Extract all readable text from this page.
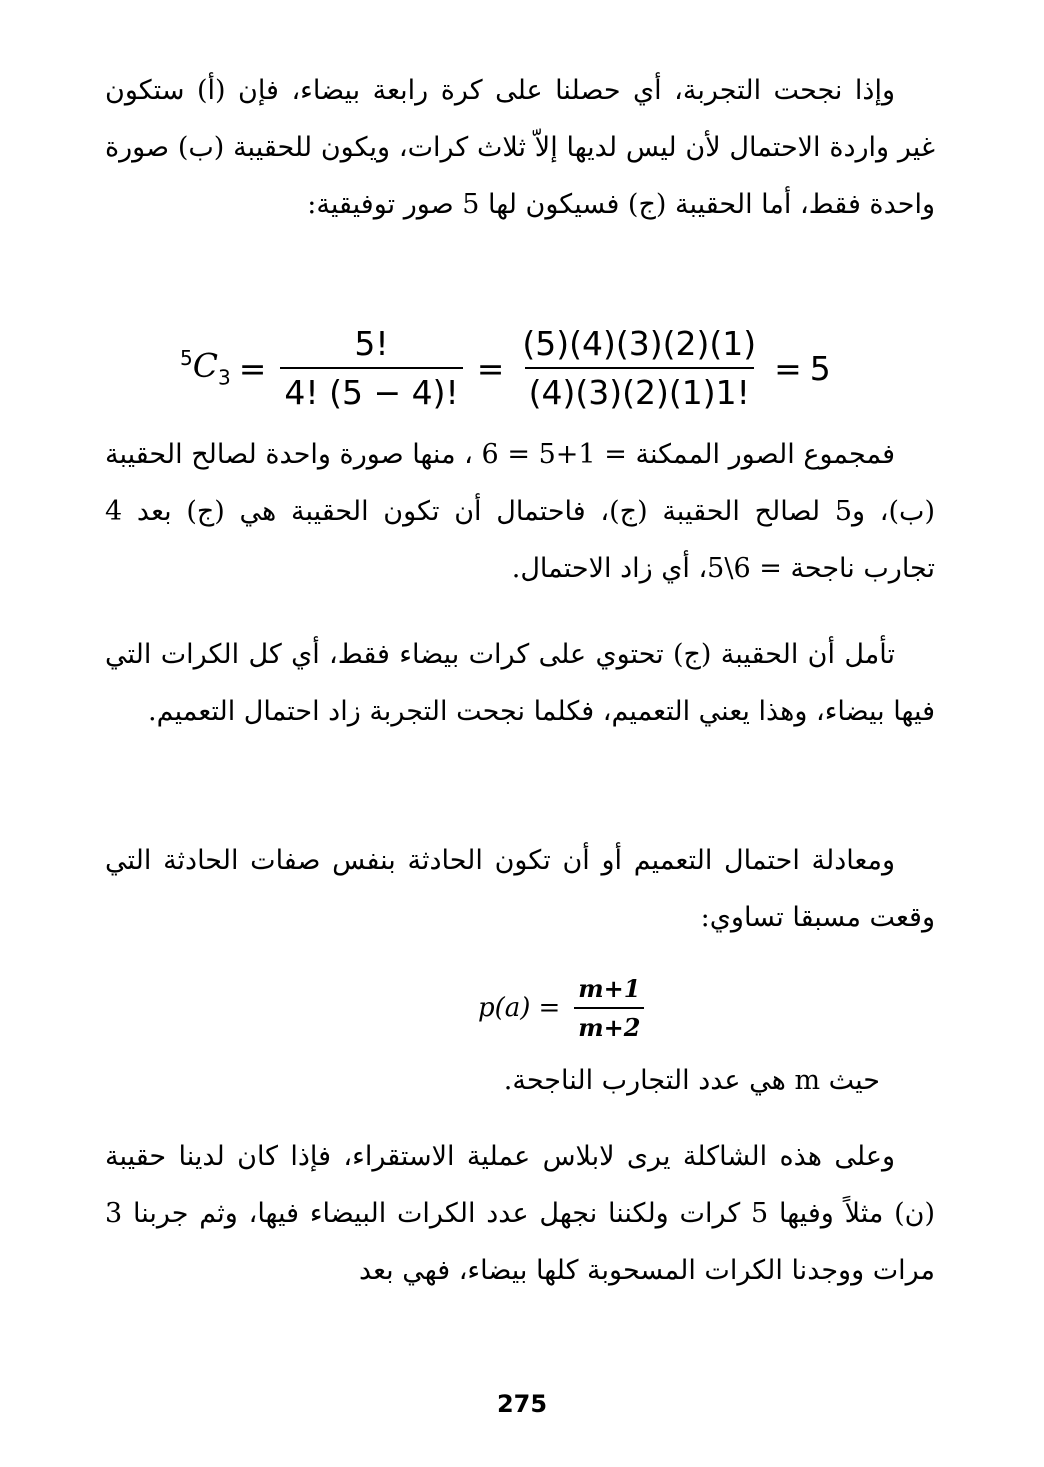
وإذا نجحت التجربة، أي حصلنا على كرة رابعة بيضاء، فإن (أ) ستكون غير واردة الاحتمال لأن ليس لديها إلاّ ثلاث كرات، ويكون للحقيبة (ب) صورة واحدة فقط، أما الحقيبة (ج) فسيكون لها 5 صور توفيقية:

$^5C_3 = \frac{5!}{4! (5 - 4)!} = \frac{(5)(4)(3)(2)(1)}{(4)(3)(2)(1)1!} = 5$

فمجموع الصور الممكنة = 1+5 = 6 ، منها صورة واحدة لصالح الحقيبة (ب)، و5 لصالح الحقيبة (ج)، فاحتمال أن تكون الحقيبة هي (ج) بعد 4 تجارب ناجحة = 6\5، أي زاد الاحتمال.

تأمل أن الحقيبة (ج) تحتوي على كرات بيضاء فقط، أي كل الكرات التي فيها بيضاء، وهذا يعني التعميم، فكلما نجحت التجربة زاد احتمال التعميم.

ومعادلة احتمال التعميم أو أن تكون الحادثة بنفس صفات الحادثة التي وقعت مسبقا تساوي:

$p(a) = \frac{m+1}{m+2}$

حيث m هي عدد التجارب الناجحة.

وعلى هذه الشاكلة يرى لابلاس عملية الاستقراء، فإذا كان لدينا حقيبة (ن) مثلاً وفيها 5 كرات ولكننا نجهل عدد الكرات البيضاء فيها، وثم جربنا 3 مرات ووجدنا الكرات المسحوبة كلها بيضاء، فهي بعد

275
